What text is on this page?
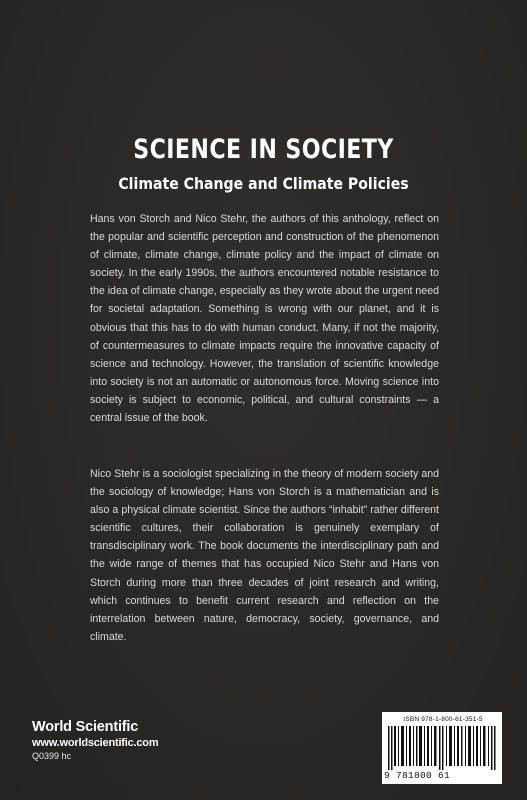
SCIENCE IN SOCIETY
Climate Change and Climate Policies

Hans von Storch and Nico Stehr, the authors of this anthology, reflect on the popular and scientific perception and construction of the phenomenon of climate, climate change, climate policy and the impact of climate on society. In the early 1990s, the authors encountered notable resistance to the idea of climate change, especially as they wrote about the urgent need for societal adaptation. Something is wrong with our planet, and it is obvious that this has to do with human conduct. Many, if not the majority, of countermeasures to climate impacts require the innovative capacity of science and technology. However, the translation of scientific knowledge into society is not an automatic or autonomous force. Moving science into society is subject to economic, political, and cultural constraints — a central issue of the book.

Nico Stehr is a sociologist specializing in the theory of modern society and the sociology of knowledge; Hans von Storch is a mathematician and is also a physical climate scientist. Since the authors “inhabit” rather different scientific cultures, their collaboration is genuinely exemplary of transdisciplinary work. The book documents the interdisciplinary path and the wide range of themes that has occupied Nico Stehr and Hans von Storch during more than three decades of joint research and writing, which continues to benefit current research and reflection on the interrelation between nature, democracy, society, governance, and climate.

World Scientific

www.worldscientific.com

Q0399 hc

ISBN 978-1-800-61-351-5
9 781800 61
